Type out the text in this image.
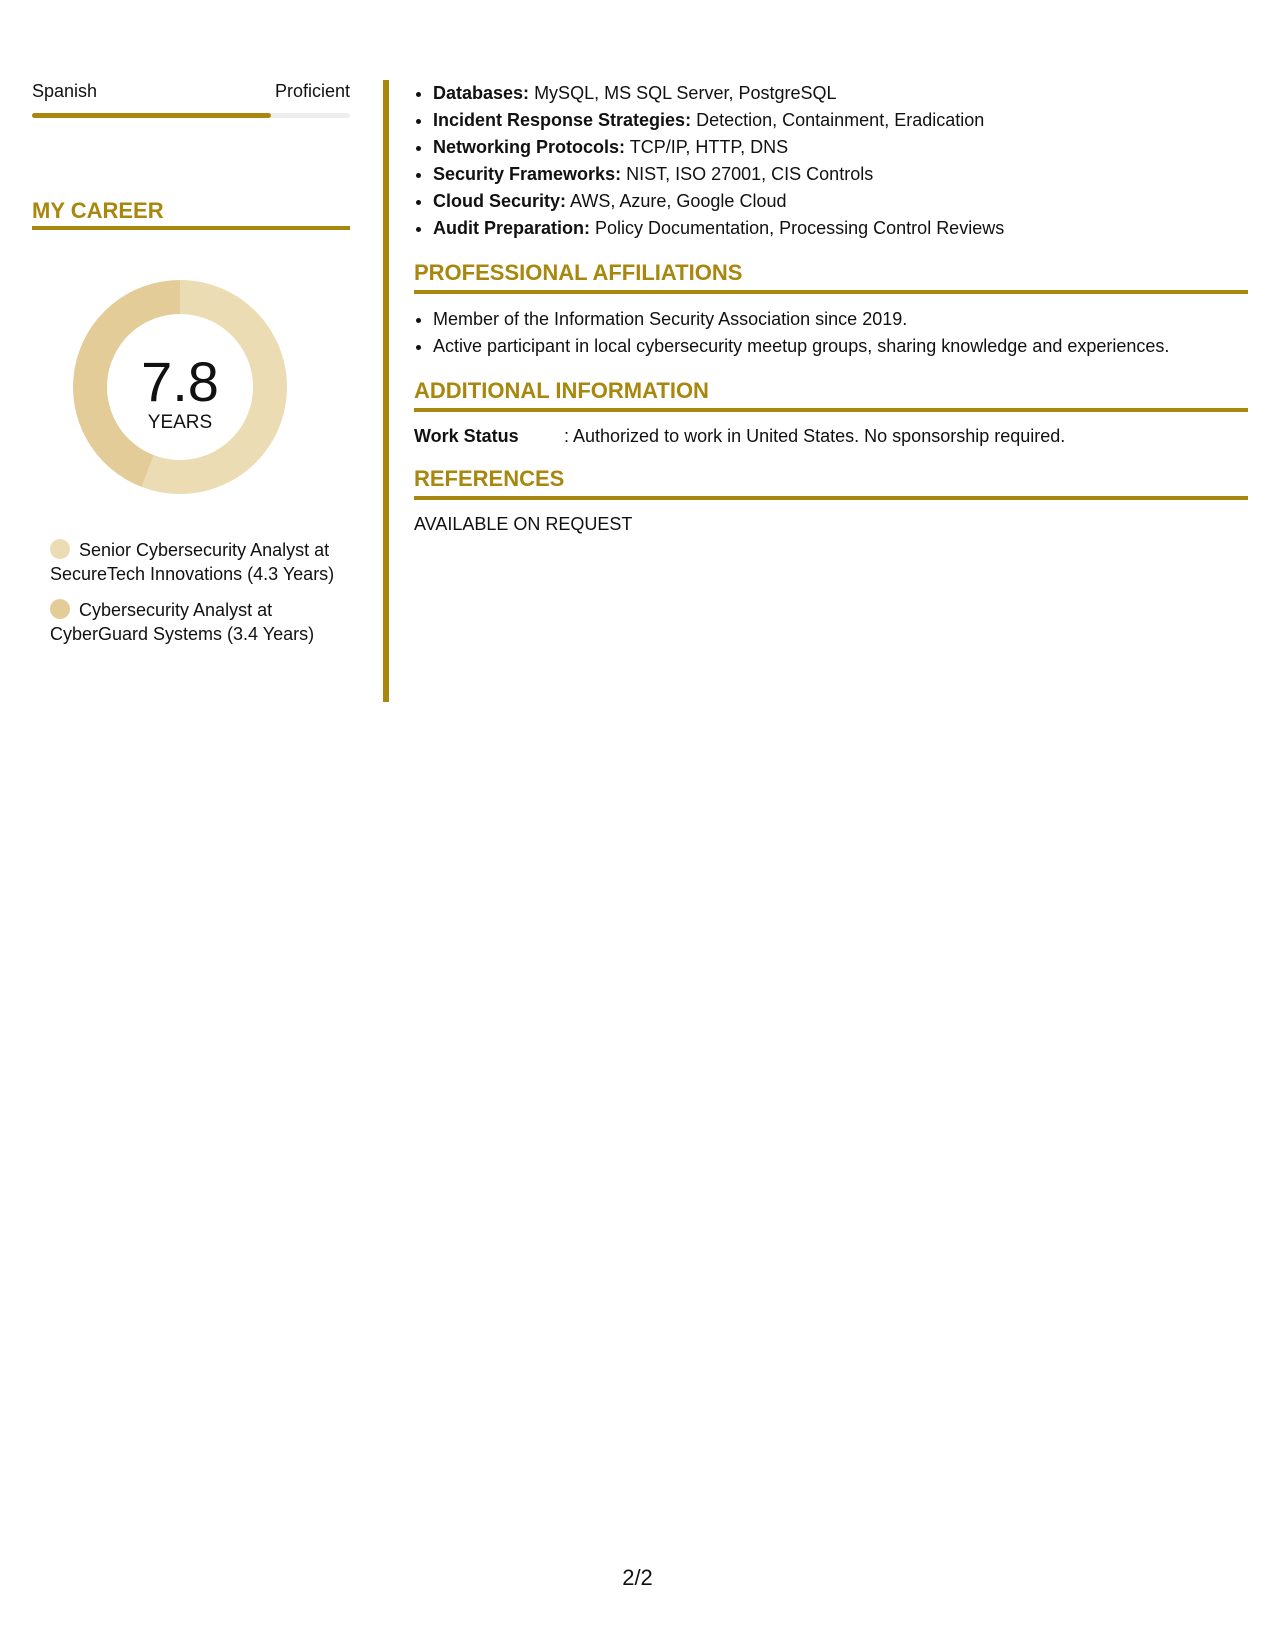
Spanish	Proficient
MY CAREER
7.8
YEARS
Senior Cybersecurity Analyst at SecureTech Innovations (4.3 Years)
Cybersecurity Analyst at CyberGuard Systems (3.4 Years)
• Databases: MySQL, MS SQL Server, PostgreSQL
• Incident Response Strategies: Detection, Containment, Eradication
• Networking Protocols: TCP/IP, HTTP, DNS
• Security Frameworks: NIST, ISO 27001, CIS Controls
• Cloud Security: AWS, Azure, Google Cloud
• Audit Preparation: Policy Documentation, Processing Control Reviews
PROFESSIONAL AFFILIATIONS
• Member of the Information Security Association since 2019.
• Active participant in local cybersecurity meetup groups, sharing knowledge and experiences.
ADDITIONAL INFORMATION
Work Status	: Authorized to work in United States. No sponsorship required.
REFERENCES
AVAILABLE ON REQUEST
2/2
